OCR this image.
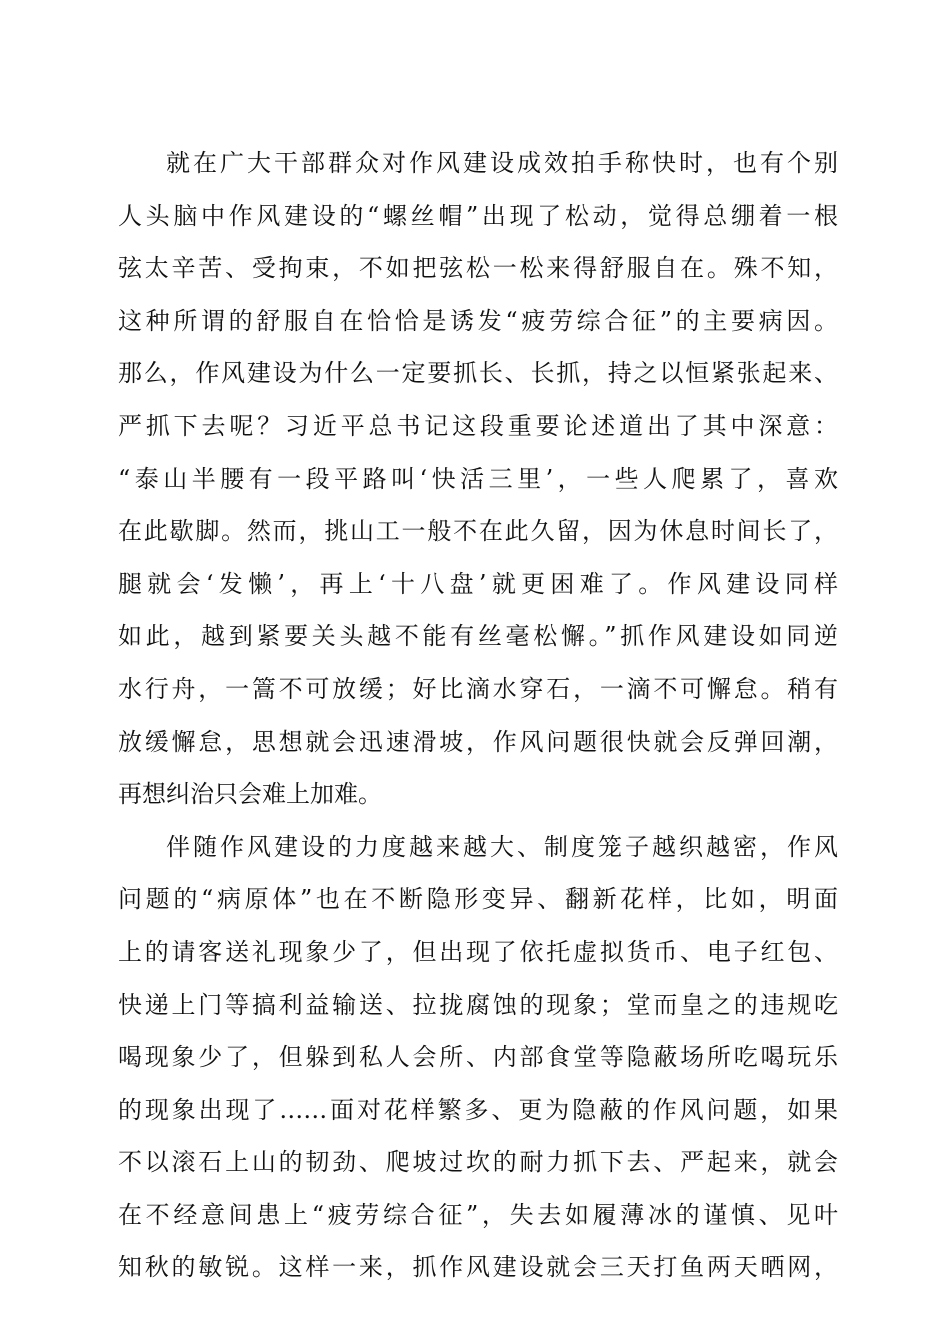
就在广大干部群众对作风建设成效拍手称快时，也有个别
人头脑中作风建设的“螺丝帽”出现了松动，觉得总绷着一根
弦太辛苦、受拘束，不如把弦松一松来得舒服自在。殊不知，
这种所谓的舒服自在恰恰是诱发“疲劳综合征”的主要病因。
那么，作风建设为什么一定要抓长、长抓，持之以恒紧张起来、
严抓下去呢？习近平总书记这段重要论述道出了其中深意：
“泰山半腰有一段平路叫‘快活三里’，一些人爬累了，喜欢
在此歇脚。然而，挑山工一般不在此久留，因为休息时间长了，
腿就会‘发懒’，再上‘十八盘’就更困难了。作风建设同样
如此，越到紧要关头越不能有丝毫松懈。”抓作风建设如同逆
水行舟，一篙不可放缓；好比滴水穿石，一滴不可懈怠。稍有
放缓懈怠，思想就会迅速滑坡，作风问题很快就会反弹回潮，
再想纠治只会难上加难。
伴随作风建设的力度越来越大、制度笼子越织越密，作风
问题的“病原体”也在不断隐形变异、翻新花样，比如，明面
上的请客送礼现象少了，但出现了依托虚拟货币、电子红包、
快递上门等搞利益输送、拉拢腐蚀的现象；堂而皇之的违规吃
喝现象少了，但躲到私人会所、内部食堂等隐蔽场所吃喝玩乐
的现象出现了……面对花样繁多、更为隐蔽的作风问题，如果
不以滚石上山的韧劲、爬坡过坎的耐力抓下去、严起来，就会
在不经意间患上“疲劳综合征”，失去如履薄冰的谨慎、见叶
知秋的敏锐。这样一来，抓作风建设就会三天打鱼两天晒网，
